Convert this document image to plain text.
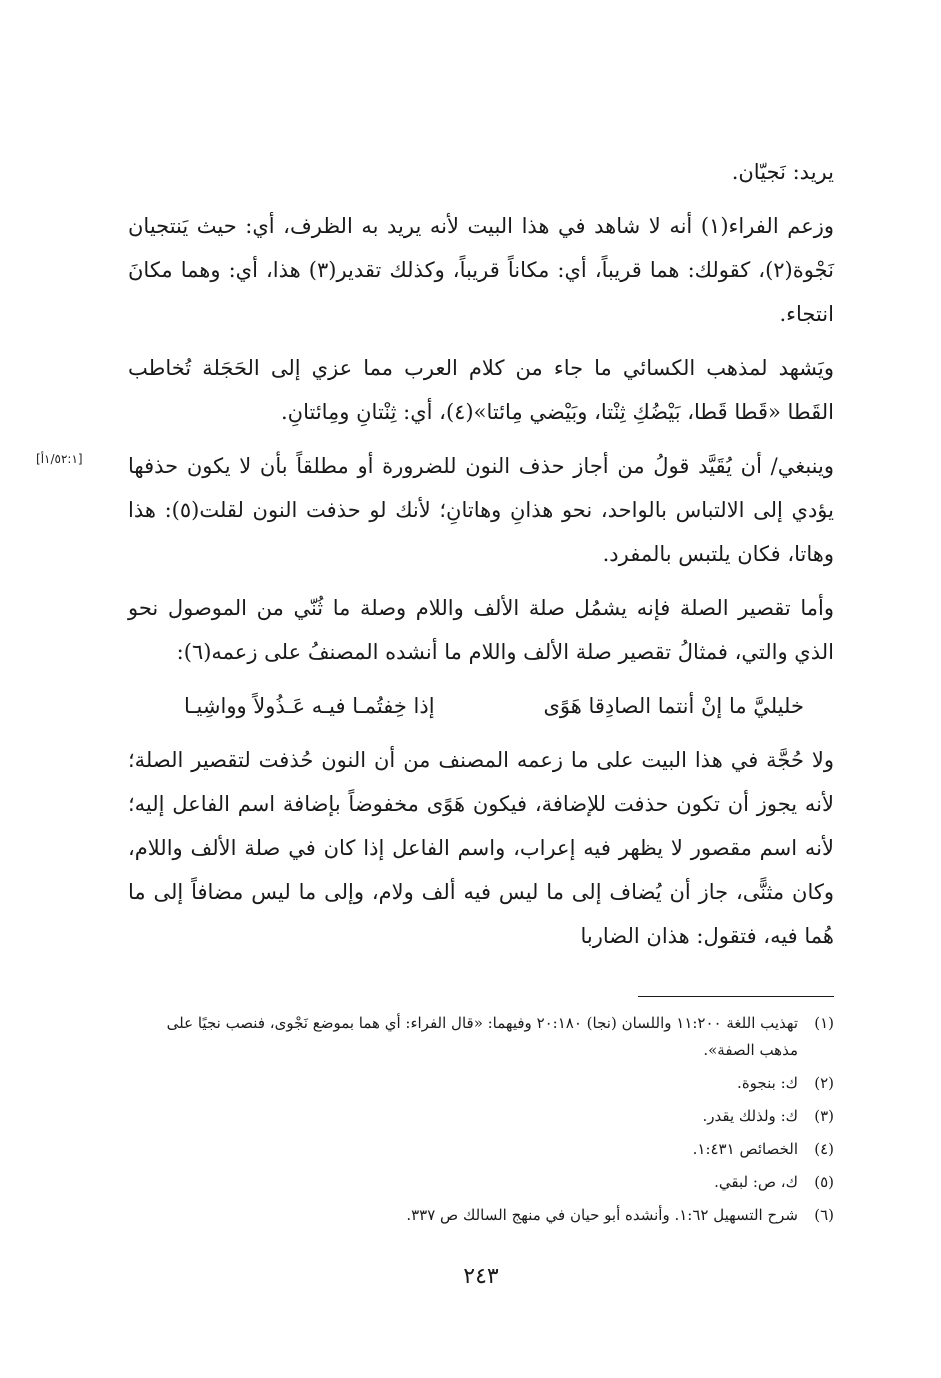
يريد: نَجيّان.

وزعم الفراء(١) أنه لا شاهد في هذا البيت لأنه يريد به الظرف، أي: حيث يَنتجيان نَجْوة(٢)، كقولك: هما قريباً، أي: مكاناً قريباً، وكذلك تقدير(٣) هذا، أي: وهما مكانَ انتجاء.

ويَشهد لمذهب الكسائي ما جاء من كلام العرب مما عزي إلى الحَجَلة تُخاطب القَطا «قَطا قَطا، بَيْضُكِ ثِنْتا، وبَيْضي مِائتا»(٤)، أي: ثِنْتانِ ومِائتانِ.

وينبغي/ أن يُقَيَّد قولُ من أجاز حذف النون للضرورة أو مطلقاً بأن لا يكون حذفها يؤدي إلى الالتباس بالواحد، نحو هذانِ وهاتانِ؛ لأنك لو حذفت النون لقلت(٥): هذا وهاتا، فكان يلتبس بالمفرد.

وأما تقصير الصلة فإنه يشمُل صلة الألف واللام وصلة ما ثُنّي من الموصول نحو الذي والتي، فمثالُ تقصير صلة الألف واللام ما أنشده المصنفُ على زعمه(٦):

خليليَّ ما إنْ أنتما الصادِقا هَوًى
إذا خِفتُمـا فيـه عَـذُولاً وواشِيـا

ولا حُجَّة في هذا البيت على ما زعمه المصنف من أن النون حُذفت لتقصير الصلة؛ لأنه يجوز أن تكون حذفت للإضافة، فيكون هَوًى مخفوضاً بإضافة اسم الفاعل إليه؛ لأنه اسم مقصور لا يظهر فيه إعراب، واسم الفاعل إذا كان في صلة الألف واللام، وكان مثنًّى، جاز أن يُضاف إلى ما ليس فيه ألف ولام، وإلى ما ليس مضافاً إلى ما هُما فيه، فتقول: هذان الضاربا

[١/٥٢:١أ]
(١)
تهذيب اللغة ١١:٢٠٠ واللسان (نجا) ٢٠:١٨٠ وفيهما: «قال الفراء: أي هما بموضع نَجْوى، فنصب نجيًا على مذهب الصفة».
(٢)
ك: بنجوة.
(٣)
ك: ولذلك يقدر.
(٤)
الخصائص ١:٤٣١.
(٥)
ك، ص: لبقي.
(٦)
شرح التسهيل ١:٦٢. وأنشده أبو حيان في منهج السالك ص ٣٣٧.
٢٤٣
